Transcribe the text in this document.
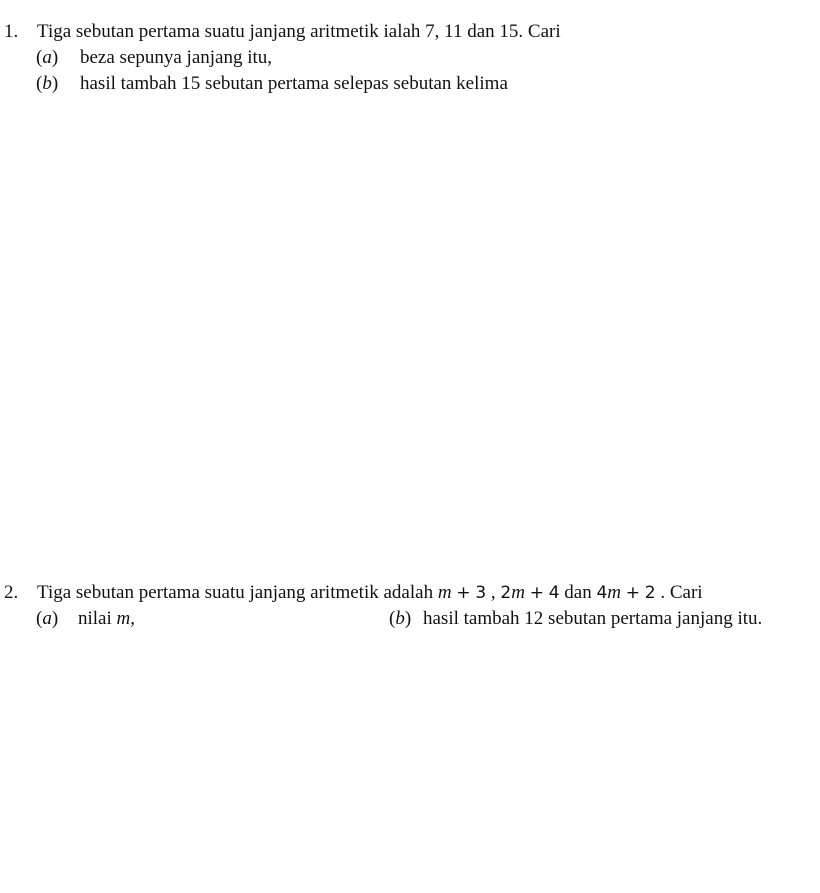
1. Tiga sebutan pertama suatu janjang aritmetik ialah 7, 11 dan 15. Cari
(a) beza sepunya janjang itu,
(b) hasil tambah 15 sebutan pertama selepas sebutan kelima
2. Tiga sebutan pertama suatu janjang aritmetik adalah m + 3 , 2m + 4 dan 4m + 2 . Cari
(a) nilai m,	(b) hasil tambah 12 sebutan pertama janjang itu.
